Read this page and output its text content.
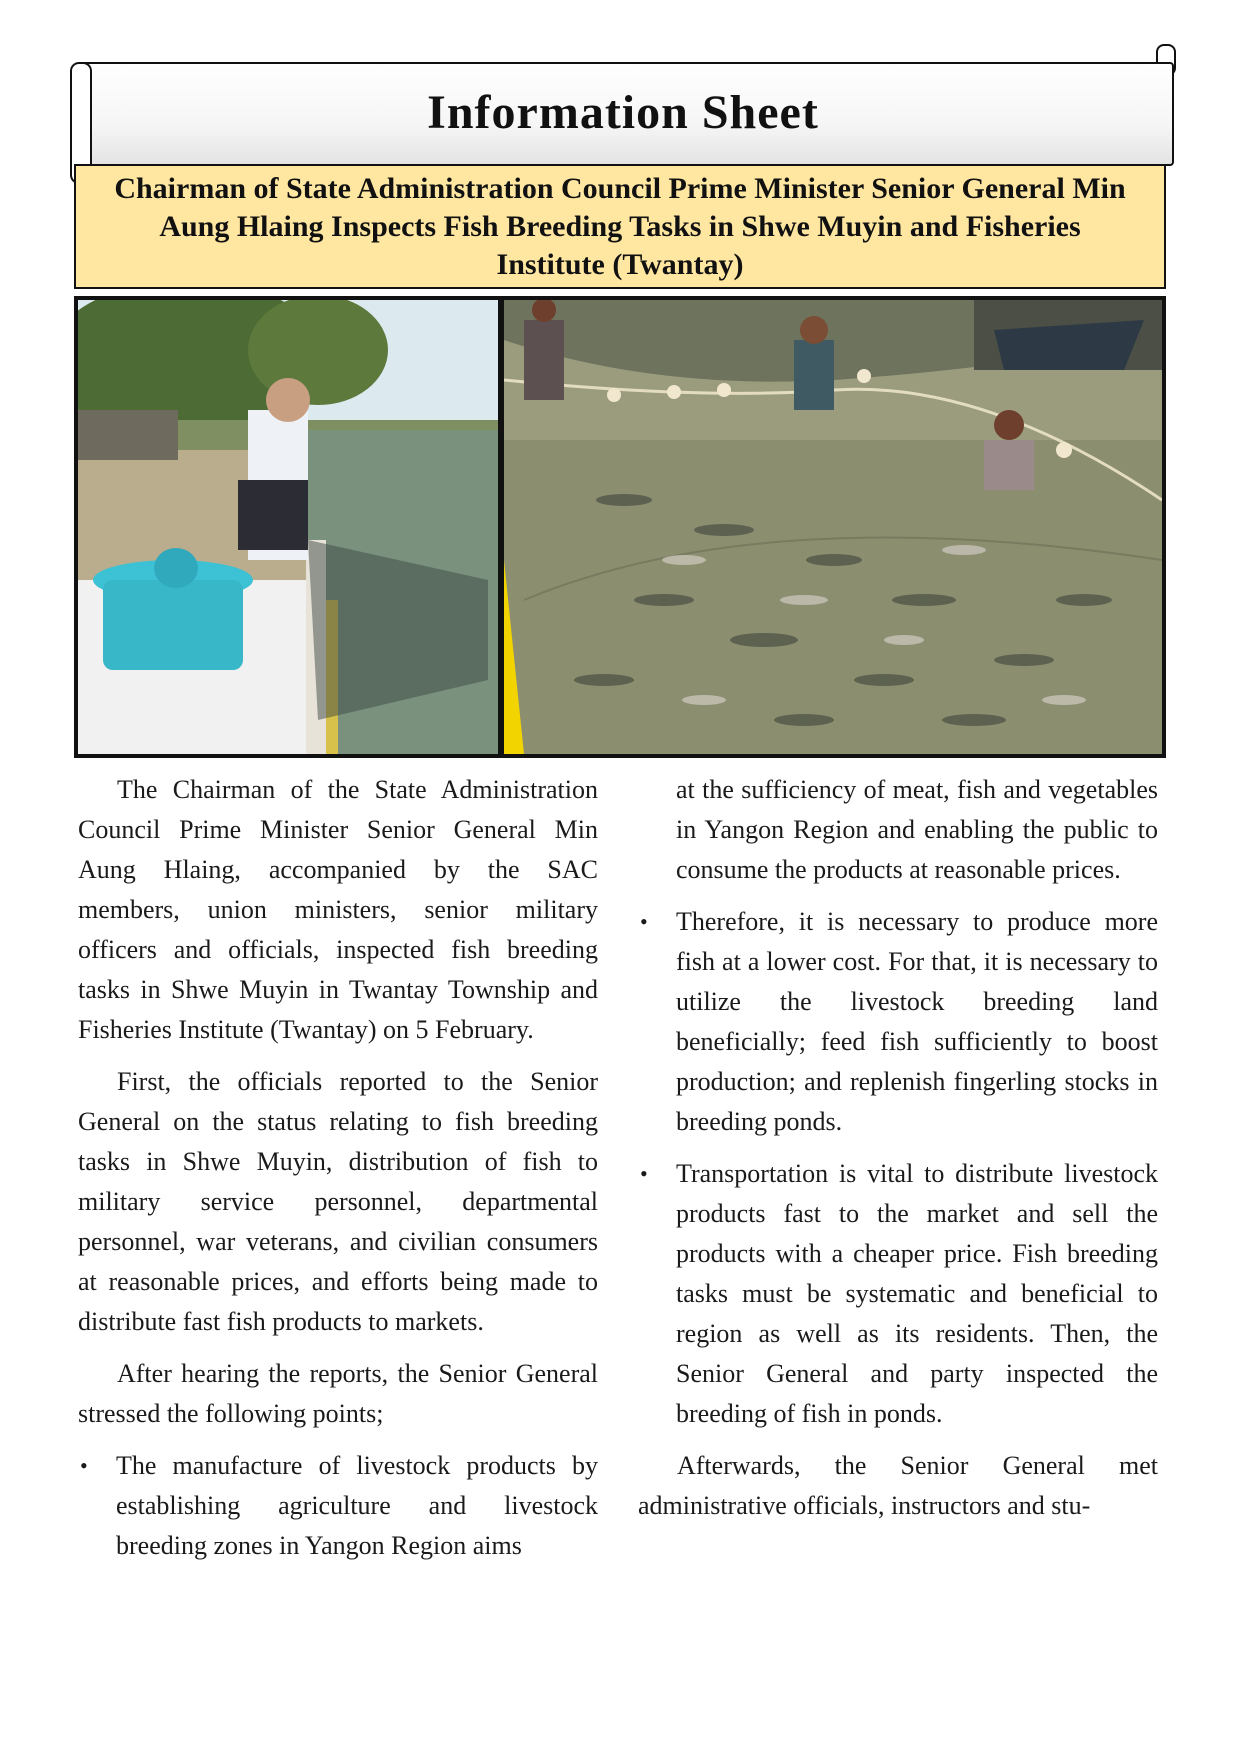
Information Sheet
Chairman of State Administration Council Prime Minister Senior General Min Aung Hlaing Inspects Fish Breeding Tasks in Shwe Muyin and Fisheries Institute (Twantay)

The Chairman of the State Administration Council Prime Minister Senior General Min Aung Hlaing, accompanied by the SAC members, union ministers, senior military officers and officials, inspected fish breeding tasks in Shwe Muyin in Twantay Township and Fisheries Institute (Twantay) on 5 February.

First, the officials reported to the Senior General on the status relating to fish breeding tasks in Shwe Muyin, distribution of fish to military service personnel, departmental personnel, war veterans, and civilian consumers at reasonable prices, and efforts being made to distribute fast fish products to markets.

After hearing the reports, the Senior General stressed the following points;

• The manufacture of livestock products by establishing agriculture and livestock breeding zones in Yangon Region aims

at the sufficiency of meat, fish and vegetables in Yangon Region and enabling the public to consume the products at reasonable prices.

• Therefore, it is necessary to produce more fish at a lower cost. For that, it is necessary to utilize the livestock breeding land beneficially; feed fish sufficiently to boost production; and replenish fingerling stocks in breeding ponds.
• Transportation is vital to distribute livestock products fast to the market and sell the products with a cheaper price. Fish breeding tasks must be systematic and beneficial to region as well as its residents. Then, the Senior General and party inspected the breeding of fish in ponds.

Afterwards, the Senior General met administrative officials, instructors and stu-
